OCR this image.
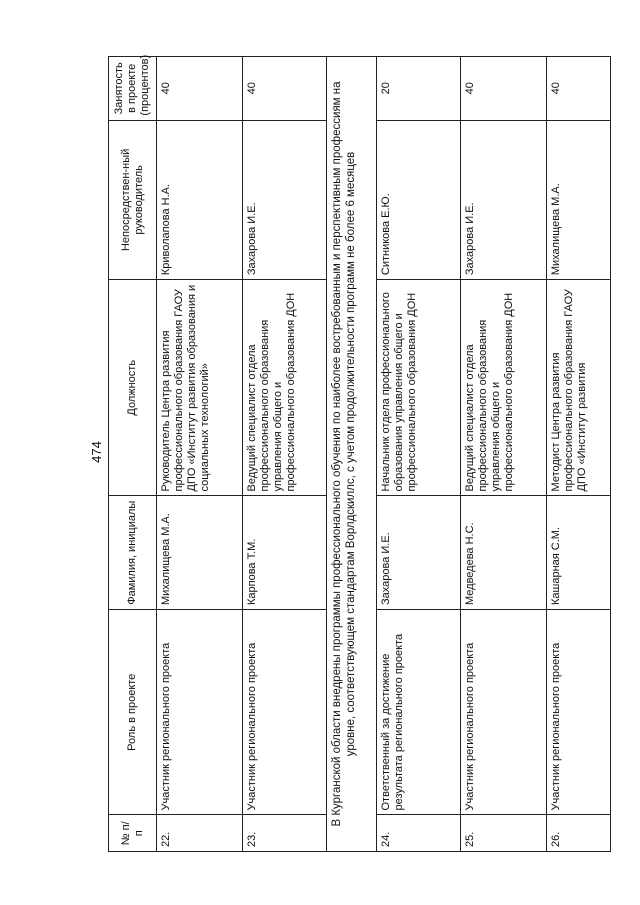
474
№ п/п	Роль в проекте	Фамилия, инициалы	Должность	Непосредствен-ный руководитель	Занятость в проекте (процентов)
22.	Участник регионального проекта	Михалищева М.А.	Руководитель Центра развития профессионального образования ГАОУ ДПО «Институт развития образования и социальных технологий»	Криволапова Н.А.	40
23.	Участник регионального проекта	Карпова Т.М.	Ведущий специалист отдела профессионального образования управления общего и профессионального образования ДОН	Захарова И.Е.	40
В Курганской области внедрены программы профессионального обучения по наиболее востребованным и перспективным профессиям на уровне, соответствующем стандартам Ворлдскиллс, с учетом продолжительности программ не более 6 месяцев					
24.	Ответственный за достижение результата регионального проекта	Захарова И.Е.	Начальник отдела профессионального образования управления общего и профессионального образования ДОН	Ситникова Е.Ю.	20
25.	Участник регионального проекта	Медведева Н.С.	Ведущий специалист отдела профессионального образования управления общего и профессионального образования ДОН	Захарова И.Е.	40
26.	Участник регионального проекта	Кашарная С.М.	Методист Центра развития профессионального образования ГАОУ ДПО «Институт развития	Михалищева М.А.	40
